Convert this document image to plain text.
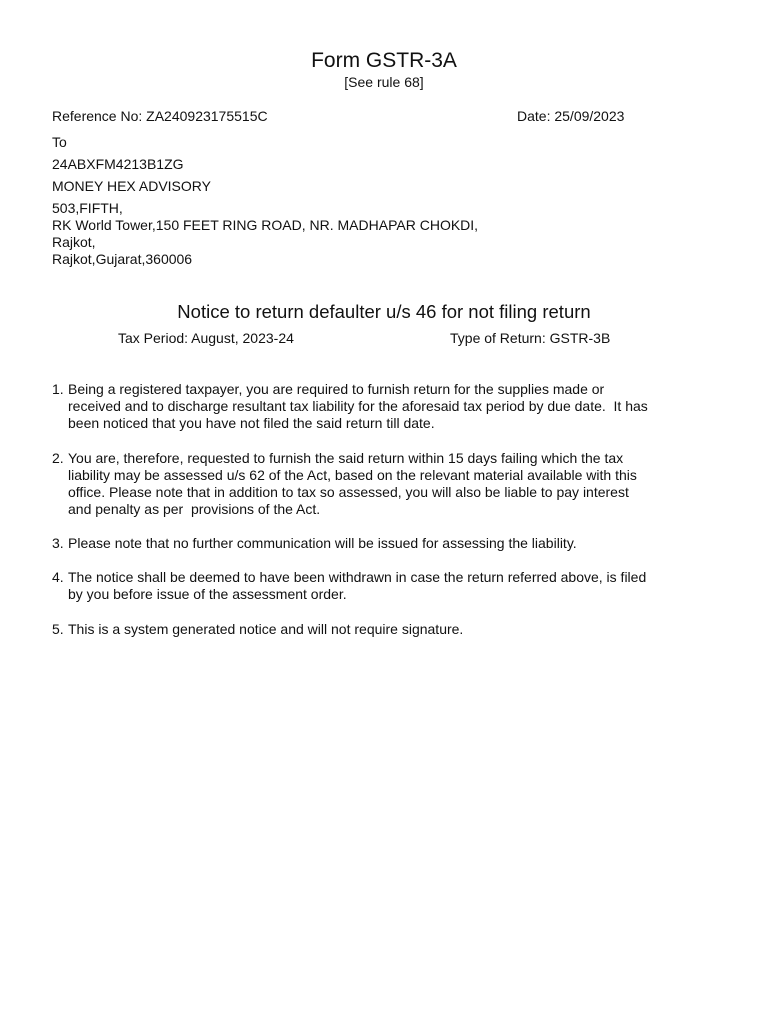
Form GSTR-3A
[See rule 68]
Reference No: ZA240923175515C	Date: 25/09/2023
To
24ABXFM4213B1ZG
MONEY HEX ADVISORY
503,FIFTH,
RK World Tower,150 FEET RING ROAD, NR. MADHAPAR CHOKDI,
Rajkot,
Rajkot,Gujarat,360006
Notice to return defaulter u/s 46 for not filing return
Tax Period: August, 2023-24	Type of Return: GSTR-3B
1. Being a registered taxpayer, you are required to furnish return for the supplies made or
received and to discharge resultant tax liability for the aforesaid tax period by due date.  It has
been noticed that you have not filed the said return till date.
2. You are, therefore, requested to furnish the said return within 15 days failing which the tax
liability may be assessed u/s 62 of the Act, based on the relevant material available with this
office. Please note that in addition to tax so assessed, you will also be liable to pay interest
and penalty as per  provisions of the Act.
3. Please note that no further communication will be issued for assessing the liability.
4. The notice shall be deemed to have been withdrawn in case the return referred above, is filed
by you before issue of the assessment order.
5. This is a system generated notice and will not require signature.
